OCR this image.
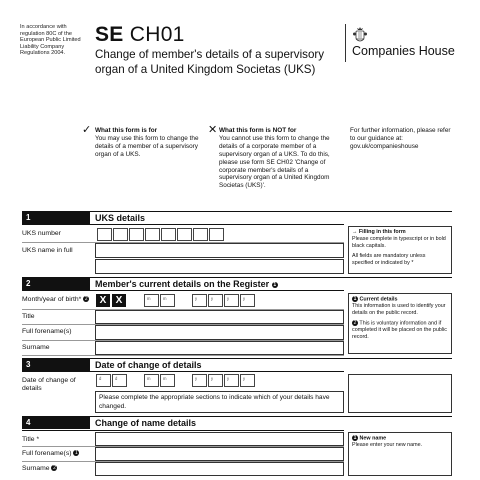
In accordance with regulation 80C of the European Public Limited Liability Company Regulations 2004.
SE CH01
Change of member's details of a supervisory organ of a United Kingdom Societas (UKS)
Companies House
✓ What this form is for
You may use this form to change the details of a member of a supervisory organ of a UKS.
✕ What this form is NOT for
You cannot use this form to change the details of a corporate member of a supervisory organ of a UKS. To do this, please use form SE CH02 'Change of corporate member's details of a supervisory organ of a United Kingdom Societas (UKS)'.
For further information, please refer to our guidance at: gov.uk/companieshouse
1	UKS details
UKS number
UKS name in full
→ Filling in this form
Please complete in typescript or in bold black capitals.
All fields are mandatory unless specified or indicated by *
2	Member's current details on the Register 1
Month/year of birth* 2	X X	m	m	y	y	y	y
Title
Full forename(s)
Surname
1 Current details
This information is used to identify your details on the public record.
2 This is voluntary information and if completed it will be placed on the public record.
3	Date of change of details
Date of change of details
d	d	m	m	y	y	y	y
Please complete the appropriate sections to indicate which of your details have changed.
4	Change of name details
Title *
Full forename(s) 1
Surname 2
1 New name
Please enter your new name.
